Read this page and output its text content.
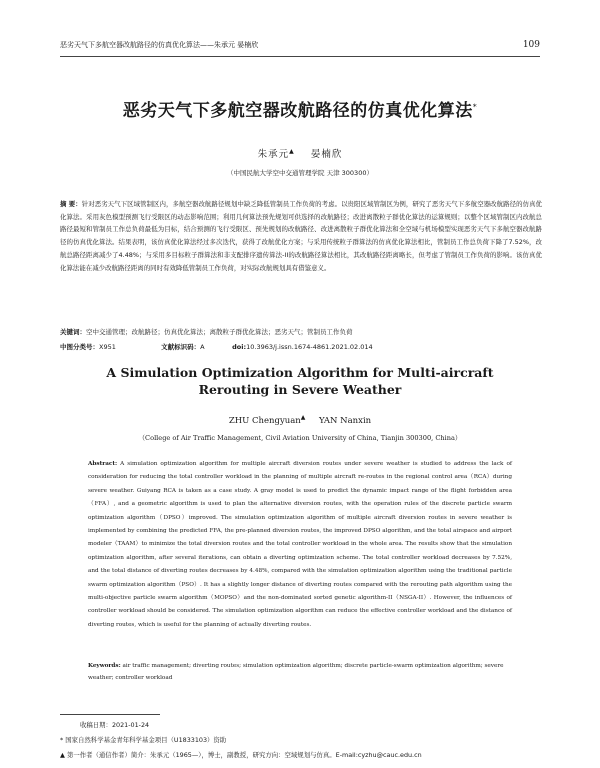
恶劣天气下多航空器改航路径的仿真优化算法——朱承元 晏楠欣	109
恶劣天气下多航空器改航路径的仿真优化算法*
朱承元▲ 晏楠欣
（中国民航大学空中交通管理学院 天津 300300）
摘 要：针对恶劣天气下区域管制区内，多航空器改航路径规划中缺乏降低管制员工作负荷的考虑。以贵阳区域管制区为例，研究了恶劣天气下多航空器改航路径的仿真优化算法。采用灰色模型预测飞行受限区的动态影响范围；利用几何算法预先规划可供选择的改航路径；改进离散粒子群优化算法的运算规则；以整个区域管制区内改航总路径最短和管制员工作总负荷最低为目标，结合预测的飞行受限区、预先规划的改航路径、改进离散粒子群优化算法和全空域与机场模型实现恶劣天气下多航空器改航路径的仿真优化算法。结果表明，该仿真优化算法经过多次迭代，获得了改航优化方案；与采用传统粒子群算法的仿真优化算法相比，管制员工作总负荷下降了7.52%，改航总路径距离减少了4.48%；与采用多目标粒子群算法和非支配排序遗传算法-II的改航路径算法相比，其改航路径距离略长，但考虑了管制员工作负荷的影响。该仿真优化算法能在减少改航路径距离的同时有效降低管制员工作负荷，对实际改航规划具有借鉴意义。
关键词：空中交通管理；改航路径；仿真优化算法；离散粒子群优化算法；恶劣天气；管制员工作负荷
中图分类号：X951	文献标识码：A	doi:10.3963/j.issn.1674-4861.2021.02.014
A Simulation Optimization Algorithm for Multi-aircraft Rerouting in Severe Weather
ZHU Chengyuan▲ YAN Nanxin
（College of Air Traffic Management, Civil Aviation University of China, Tianjin 300300, China）
Abstract: A simulation optimization algorithm for multiple aircraft diversion routes under severe weather is studied to address the lack of consideration for reducing the total controller workload in the planning of multiple aircraft re-routes in the regional control area（RCA）during severe weather. Guiyang RCA is taken as a case study. A gray model is used to predict the dynamic impact range of the flight forbidden area（FFA）, and a geometric algorithm is used to plan the alternative diversion routes, with the operation rules of the discrete particle swarm optimization algorithm（DPSO）improved. The simulation optimization algorithm of multiple aircraft diversion routes in severe weather is implemented by combining the predicted FFA, the pre-planned diversion routes, the improved DPSO algorithm, and the total airspace and airport modeler（TAAM）to minimize the total diversion routes and the total controller workload in the whole area. The results show that the simulation optimization algorithm, after several iterations, can obtain a diverting optimization scheme. The total controller workload decreases by 7.52%, and the total distance of diverting routes decreases by 4.48%, compared with the simulation optimization algorithm using the traditional particle swarm optimization algorithm（PSO）. It has a slightly longer distance of diverting routes compared with the rerouting path algorithm using the multi-objective particle swarm algorithm（MOPSO）and the non-dominated sorted genetic algorithm-II（NSGA-II）. However, the influences of controller workload should be considered. The simulation optimization algorithm can reduce the effective controller workload and the distance of diverting routes, which is useful for the planning of actually diverting routes.
Keywords: air traffic management; diverting routes; simulation optimization algorithm; discrete particle-swarm optimization algorithm; severe weather; controller workload
收稿日期：2021-01-24
* 国家自然科学基金青年科学基金项目（U1833103）资助
▲ 第一作者（通信作者）简介：朱承元（1965—），博士，副教授，研究方向：空域规划与仿真。E-mail:cyzhu@cauc.edu.cn
